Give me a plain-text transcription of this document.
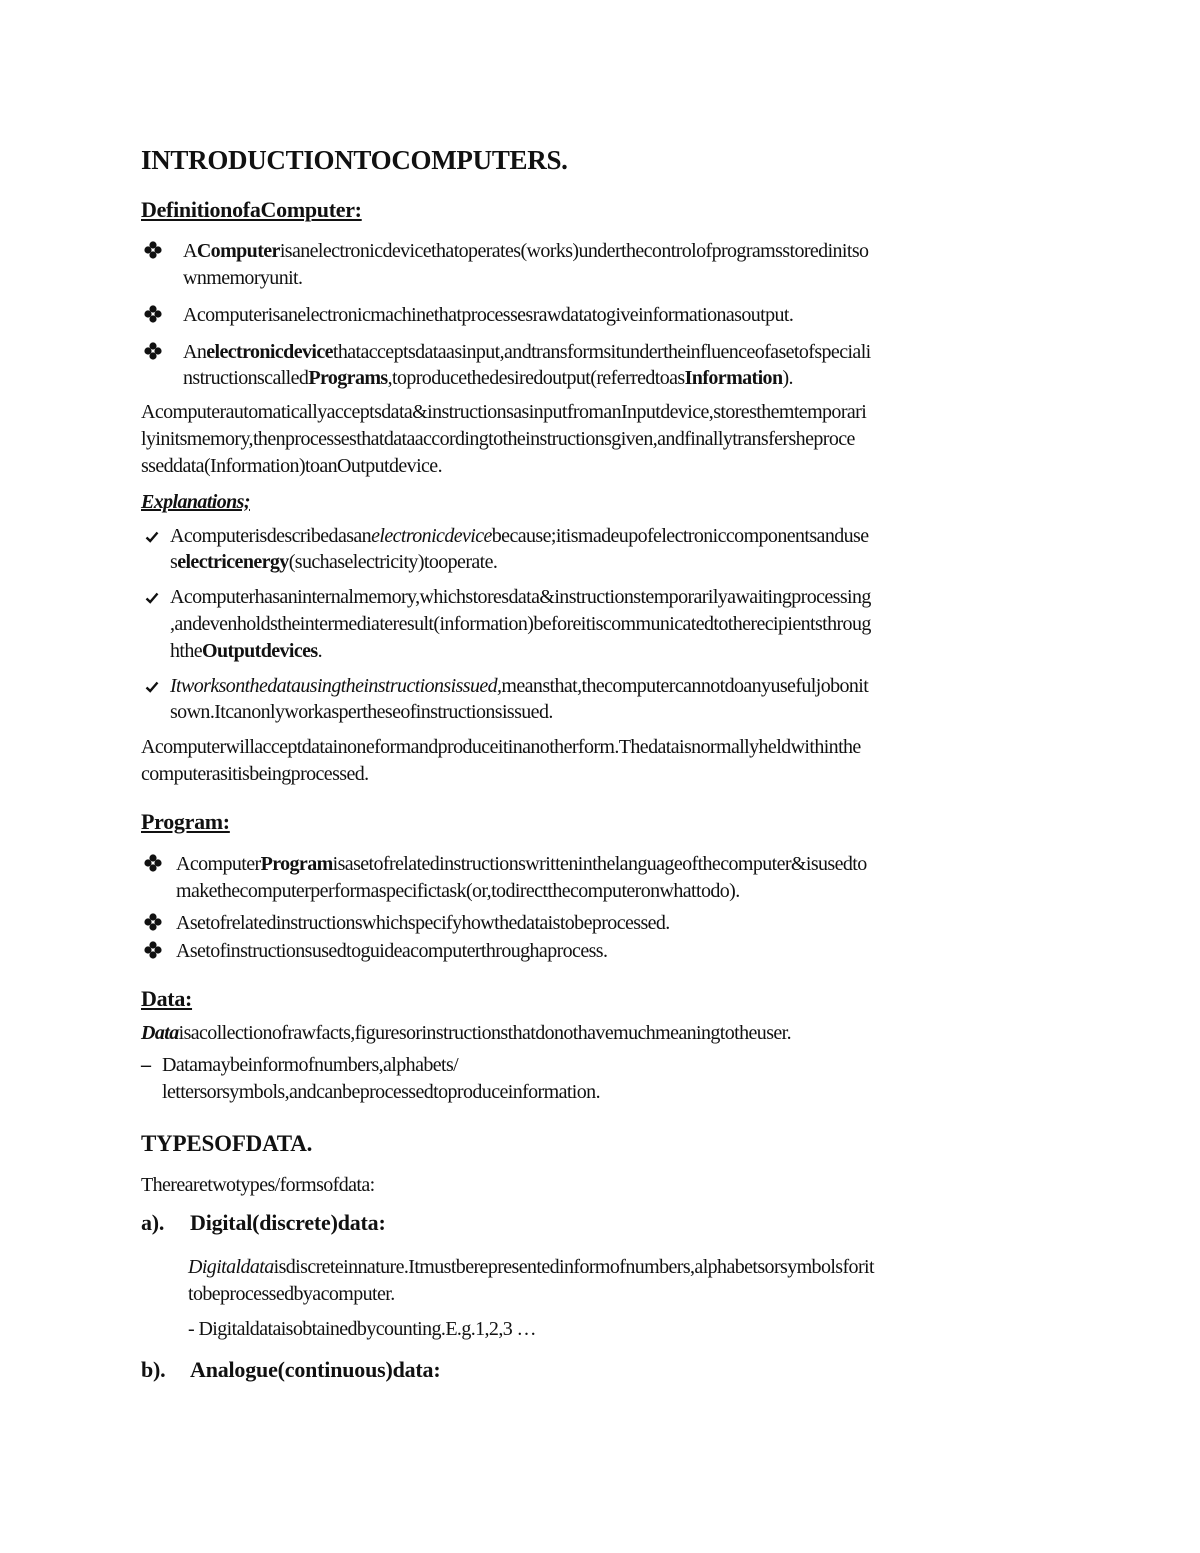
INTRODUCTIONTOCOMPUTERS.
DefinitionofaComputer:
AComputerisanelectronicdevicethatoperates(works)underthecontrolofprogramsstoredinitso
wnmemoryunit.
Acomputerisanelectronicmachinethatprocessesrawdatatogiveinformationasoutput.
Anelectronicdevicethatacceptsdataasinput,andtransformsitundertheinfluenceofasetofspeciali
nstructionscalledPrograms,toproducethedesiredoutput(referredtoasInformation).
Acomputerautomaticallyacceptsdata&instructionsasinputfromanInputdevice,storesthemtemporari
lyinitsmemory,thenprocessesthatdataaccordingtotheinstructionsgiven,andfinallytransfersheproce
sseddata(Information)toanOutputdevice.
Explanations;
Acomputerisdescribedasanelectronicdevicebecause;itismadeupofelectroniccomponentsanduse
selectricenergy(suchaselectricity)tooperate.
Acomputerhasaninternalmemory,whichstoresdata&instructionstemporarilyawaitingprocessing
,andevenholdstheintermediateresult(information)beforeitiscommunicatedtotherecipientsthroug
htheOutputdevices.
Itworksonthedatausingtheinstructionsissued,meansthat,thecomputercannotdoanyusefuljobonit
sown.Itcanonlyworkaspertheseofinstructionsissued.
Acomputerwillacceptdatainoneformandproduceitinanotherform.Thedataisnormallyheldwithinthe
computerasitisbeingprocessed.
Program:
AcomputerProgramisasetofrelatedinstructionswritteninthelanguageofthecomputer&isusedto
makethecomputerperformaspecifictask(or,todirectthecomputeronwhattodo).
Asetofrelatedinstructionswhichspecifyhowthedataistobeprocessed.
Asetofinstructionsusedtoguideacomputerthroughaprocess.
Data:
Dataisacollectionofrawfacts,figuresorinstructionsthatdonothavemuchmeaningtotheuser.
– Datamaybeinformofnumbers,alphabets/
lettersorsymbols,andcanbeprocessedtoproduceinformation.
TYPESOFDATA.
Therearetwotypes/formsofdata:
a). Digital(discrete)data:
Digitaldataisdiscreteinnature.Itmustberepresentedinformofnumbers,alphabetsorsymbolsforit
tobeprocessedbyacomputer.
- Digitaldataisobtainedbycounting.E.g.1,2,3 …
b). Analogue(continuous)data:
